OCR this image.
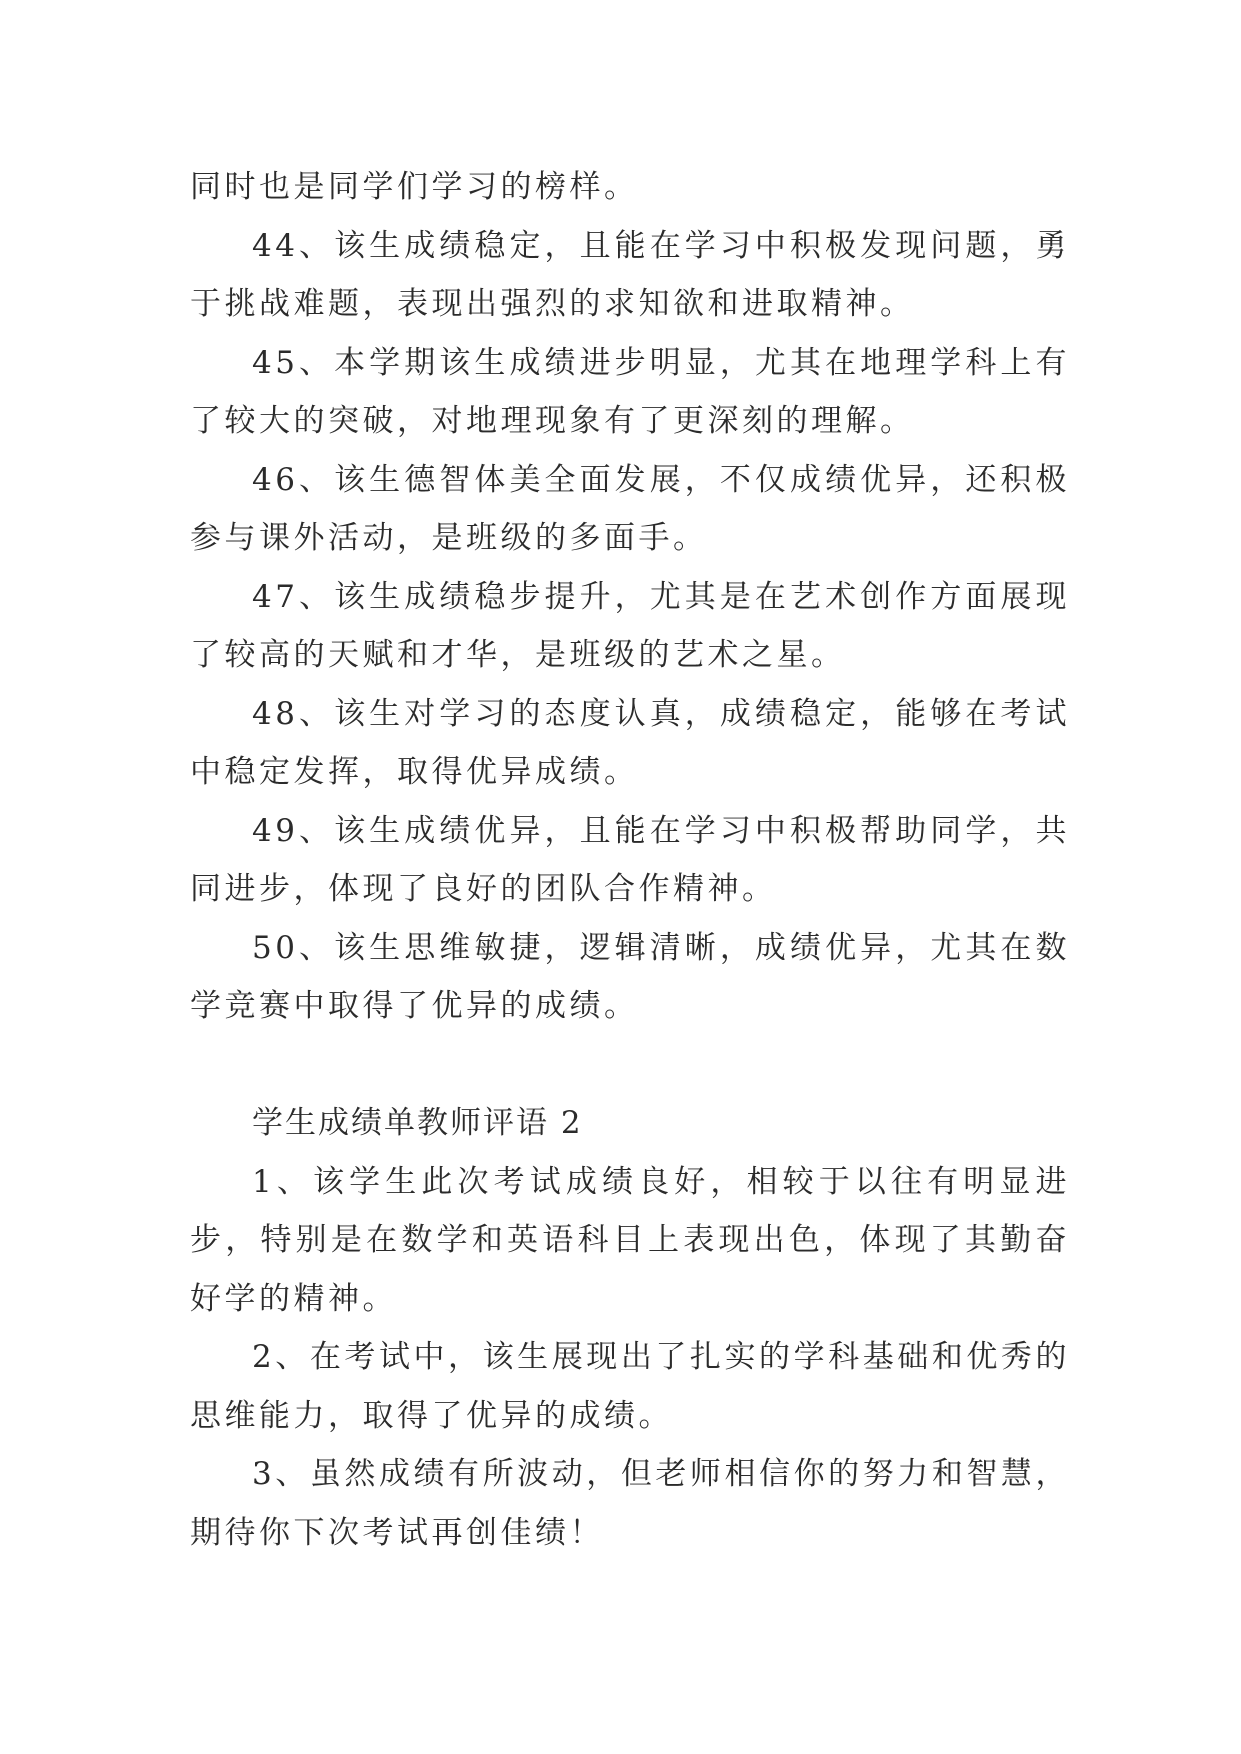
同时也是同学们学习的榜样。

44、该生成绩稳定，且能在学习中积极发现问题，勇于挑战难题，表现出强烈的求知欲和进取精神。

45、本学期该生成绩进步明显，尤其在地理学科上有了较大的突破，对地理现象有了更深刻的理解。

46、该生德智体美全面发展，不仅成绩优异，还积极参与课外活动，是班级的多面手。

47、该生成绩稳步提升，尤其是在艺术创作方面展现了较高的天赋和才华，是班级的艺术之星。

48、该生对学习的态度认真，成绩稳定，能够在考试中稳定发挥，取得优异成绩。

49、该生成绩优异，且能在学习中积极帮助同学，共同进步，体现了良好的团队合作精神。

50、该生思维敏捷，逻辑清晰，成绩优异，尤其在数学竞赛中取得了优异的成绩。

学生成绩单教师评语 2

1、该学生此次考试成绩良好，相较于以往有明显进步，特别是在数学和英语科目上表现出色，体现了其勤奋好学的精神。

2、在考试中，该生展现出了扎实的学科基础和优秀的思维能力，取得了优异的成绩。

3、虽然成绩有所波动，但老师相信你的努力和智慧，期待你下次考试再创佳绩！
